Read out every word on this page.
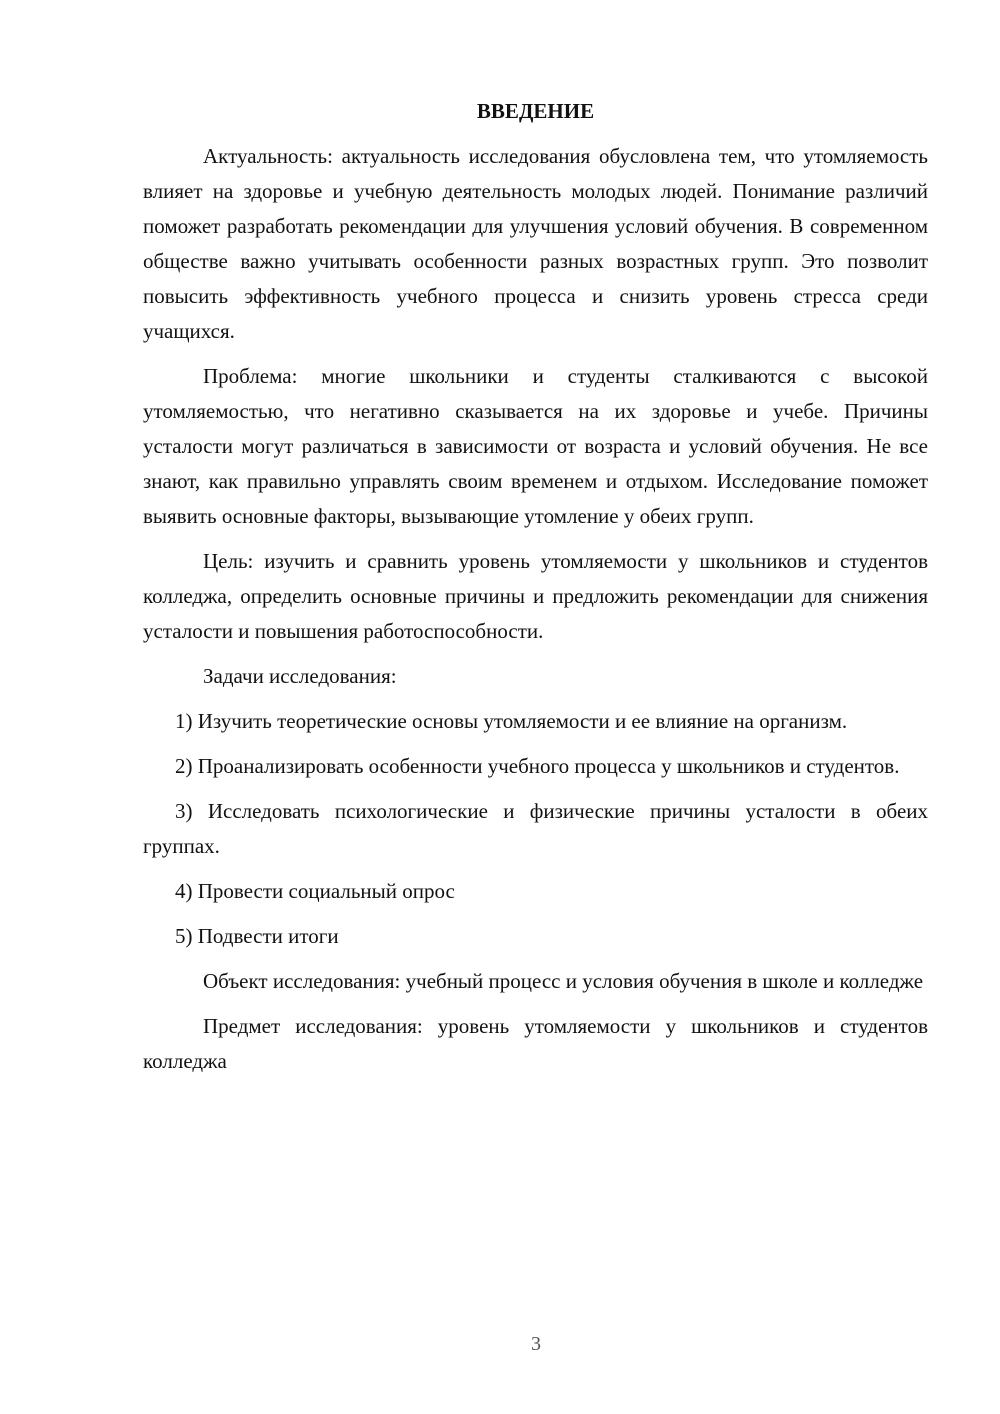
ВВЕДЕНИЕ

Актуальность: актуальность исследования обусловлена тем, что утомляемость влияет на здоровье и учебную деятельность молодых людей. Понимание различий поможет разработать рекомендации для улучшения условий обучения. В современном обществе важно учитывать особенности разных возрастных групп. Это позволит повысить эффективность учебного процесса и снизить уровень стресса среди учащихся.

Проблема: многие школьники и студенты сталкиваются с высокой утомляемостью, что негативно сказывается на их здоровье и учебе. Причины усталости могут различаться в зависимости от возраста и условий обучения. Не все знают, как правильно управлять своим временем и отдыхом. Исследование поможет выявить основные факторы, вызывающие утомление у обеих групп.

Цель: изучить и сравнить уровень утомляемости у школьников и студентов колледжа, определить основные причины и предложить рекомендации для снижения усталости и повышения работоспособности.

Задачи исследования:

1) Изучить теоретические основы утомляемости и ее влияние на организм.

2) Проанализировать особенности учебного процесса у школьников и студентов.

3) Исследовать психологические и физические причины усталости в обеих группах.

4) Провести социальный опрос

5) Подвести итоги

Объект исследования: учебный процесс и условия обучения в школе и колледже

Предмет исследования: уровень утомляемости у школьников и студентов колледжа

3
